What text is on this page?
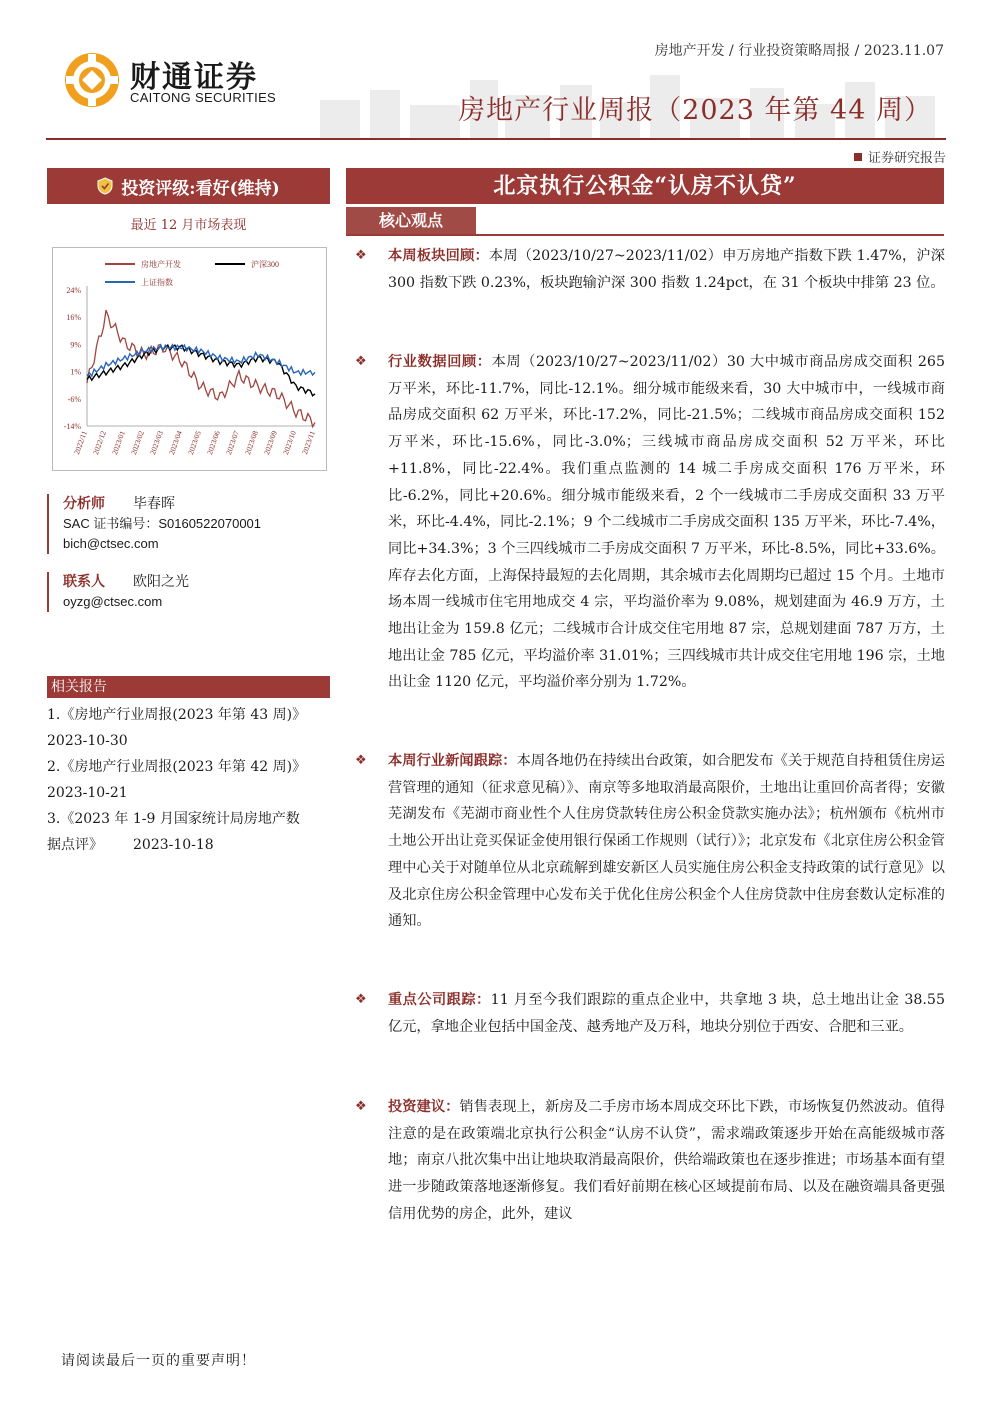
财通证券
CAITONG SECURITIES
房地产开发 / 行业投资策略周报 / 2023.11.07
房地产行业周报（2023 年第 44 周）
证券研究报告
投资评级:看好(维持)
最近 12 月市场表现
24%
16%
9%
1%
-6%
-14%
2022/11 2022/12 2023/01 2023/02 2023/03 2023/04 2023/05 2023/06 2023/07 2023/08 2023/09 2023/10 2023/11
房地产开发	沪深300
上证指数
分析师 毕春晖
SAC 证书编号：S0160522070001
bich@ctsec.com
联系人 欧阳之光
oyzg@ctsec.com
相关报告
1.《房地产行业周报(2023 年第 43 周)》
2023-10-30
2.《房地产行业周报(2023 年第 42 周)》
2023-10-21
3.《2023 年 1-9 月国家统计局房地产数
据点评》 2023-10-18
北京执行公积金“认房不认贷”
核心观点
❖ 本周板块回顾：本周（2023/10/27~2023/11/02）申万房地产指数下跌 1.47%，沪深 300 指数下跌 0.23%，板块跑输沪深 300 指数 1.24pct，在 31 个板块中排第 23 位。
❖ 行业数据回顾：本周（2023/10/27~2023/11/02）30 大中城市商品房成交面积 265 万平米，环比-11.7%，同比-12.1%。细分城市能级来看，30 大中城市中，一线城市商品房成交面积 62 万平米，环比-17.2%，同比-21.5%；二线城市商品房成交面积 152 万平米，环比-15.6%，同比-3.0%；三线城市商品房成交面积 52 万平米，环比+11.8%，同比-22.4%。我们重点监测的 14 城二手房成交面积 176 万平米，环比-6.2%，同比+20.6%。细分城市能级来看，2 个一线城市二手房成交面积 33 万平米，环比-4.4%，同比-2.1%；9 个二线城市二手房成交面积 135 万平米，环比-7.4%，同比+34.3%；3 个三四线城市二手房成交面积 7 万平米，环比-8.5%，同比+33.6%。库存去化方面，上海保持最短的去化周期，其余城市去化周期均已超过 15 个月。土地市场本周一线城市住宅用地成交 4 宗，平均溢价率为 9.08%，规划建面为 46.9 万方，土地出让金为 159.8 亿元；二线城市合计成交住宅用地 87 宗，总规划建面 787 万方，土地出让金 785 亿元，平均溢价率 31.01%；三四线城市共计成交住宅用地 196 宗，土地出让金 1120 亿元，平均溢价率分别为 1.72%。
❖ 本周行业新闻跟踪：本周各地仍在持续出台政策，如合肥发布《关于规范自持租赁住房运营管理的通知（征求意见稿）》、南京等多地取消最高限价，土地出让重回价高者得；安徽芜湖发布《芜湖市商业性个人住房贷款转住房公积金贷款实施办法》；杭州颁布《杭州市土地公开出让竞买保证金使用银行保函工作规则（试行）》；北京发布《北京住房公积金管理中心关于对随单位从北京疏解到雄安新区人员实施住房公积金支持政策的试行意见》以及北京住房公积金管理中心发布关于优化住房公积金个人住房贷款中住房套数认定标准的通知。
❖ 重点公司跟踪：11 月至今我们跟踪的重点企业中，共拿地 3 块，总土地出让金 38.55 亿元，拿地企业包括中国金茂、越秀地产及万科，地块分别位于西安、合肥和三亚。
❖ 投资建议：销售表现上，新房及二手房市场本周成交环比下跌，市场恢复仍然波动。值得注意的是在政策端北京执行公积金“认房不认贷”，需求端政策逐步开始在高能级城市落地；南京八批次集中出让地块取消最高限价，供给端政策也在逐步推进；市场基本面有望进一步随政策落地逐渐修复。我们看好前期在核心区域提前布局、以及在融资端具备更强信用优势的房企，此外，建议
请阅读最后一页的重要声明！
